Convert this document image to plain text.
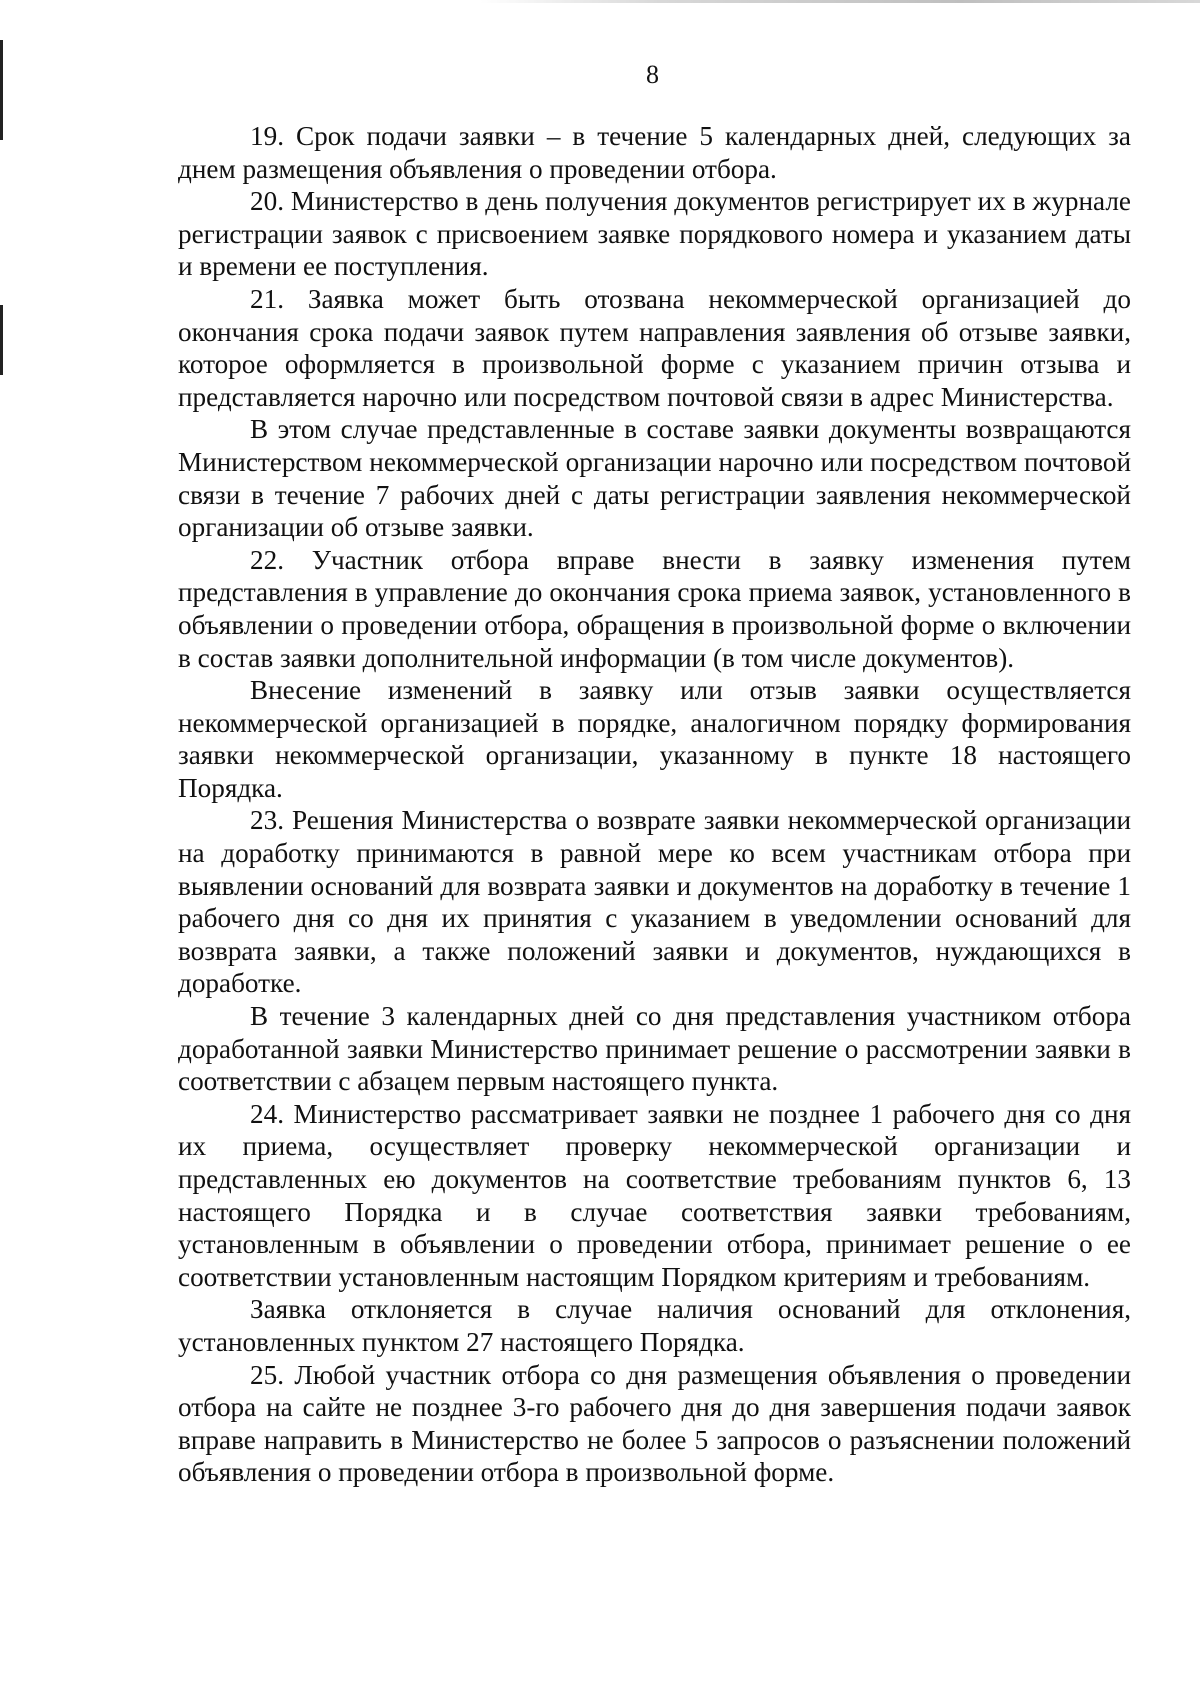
8

19. Срок подачи заявки – в течение 5 календарных дней, следующих за днем размещения объявления о проведении отбора.

20. Министерство в день получения документов регистрирует их в журнале регистрации заявок с присвоением заявке порядкового номера и указанием даты и времени ее поступления.

21. Заявка может быть отозвана некоммерческой организацией до окончания срока подачи заявок путем направления заявления об отзыве заявки, которое оформляется в произвольной форме с указанием причин отзыва и представляется нарочно или посредством почтовой связи в адрес Министерства.

В этом случае представленные в составе заявки документы возвращаются Министерством некоммерческой организации нарочно или посредством почтовой связи в течение 7 рабочих дней с даты регистрации заявления некоммерческой организации об отзыве заявки.

22. Участник отбора вправе внести в заявку изменения путем представления в управление до окончания срока приема заявок, установленного в объявлении о проведении отбора, обращения в произвольной форме о включении в состав заявки дополнительной информации (в том числе документов).

Внесение изменений в заявку или отзыв заявки осуществляется некоммерческой организацией в порядке, аналогичном порядку формирования заявки некоммерческой организации, указанному в пункте 18 настоящего Порядка.

23. Решения Министерства о возврате заявки некоммерческой организации на доработку принимаются в равной мере ко всем участникам отбора при выявлении оснований для возврата заявки и документов на доработку в течение 1 рабочего дня со дня их принятия с указанием в уведомлении оснований для возврата заявки, а также положений заявки и документов, нуждающихся в доработке.

В течение 3 календарных дней со дня представления участником отбора доработанной заявки Министерство принимает решение о рассмотрении заявки в соответствии с абзацем первым настоящего пункта.

24. Министерство рассматривает заявки не позднее 1 рабочего дня со дня их приема, осуществляет проверку некоммерческой организации и представленных ею документов на соответствие требованиям пунктов 6, 13 настоящего Порядка и в случае соответствия заявки требованиям, установленным в объявлении о проведении отбора, принимает решение о ее соответствии установленным настоящим Порядком критериям и требованиям.

Заявка отклоняется в случае наличия оснований для отклонения, установленных пунктом 27 настоящего Порядка.

25. Любой участник отбора со дня размещения объявления о проведении отбора на сайте не позднее 3-го рабочего дня до дня завершения подачи заявок вправе направить в Министерство не более 5 запросов о разъяснении положений объявления о проведении отбора в произвольной форме.
